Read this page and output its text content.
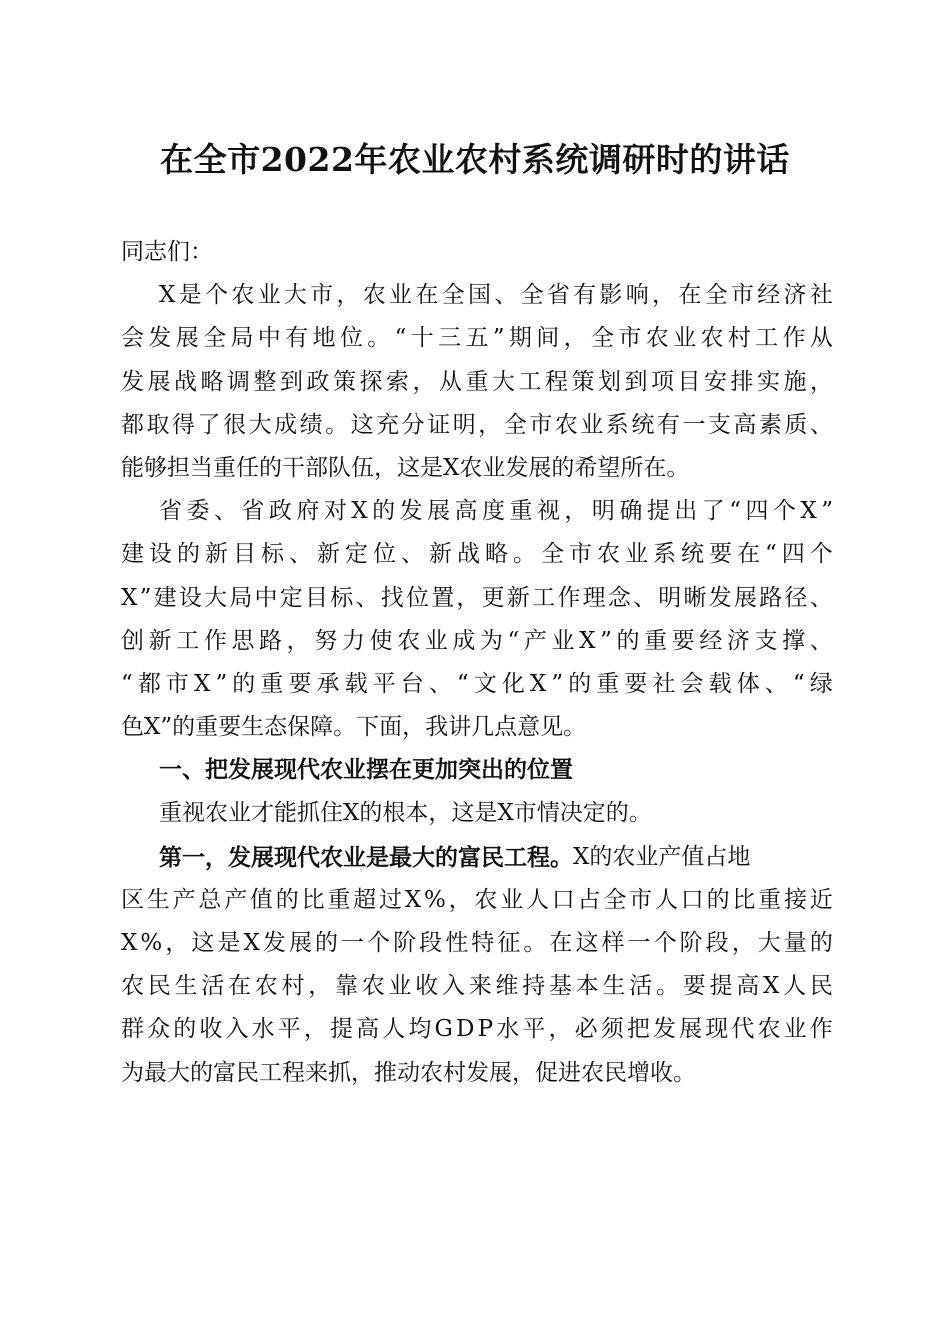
在全市2022年农业农村系统调研时的讲话
同志们：
X 是 个 农 业 大 市 ， 农 业 在 全 国 、 全 省 有 影 响 ， 在 全 市 经 济 社
会 发 展 全 局 中 有 地 位 。 “ 十 三 五 ” 期 间 ， 全 市 农 业 农 村 工 作 从
发 展 战 略 调 整 到 政 策 探 索 ， 从 重 大 工 程 策 划 到 项 目 安 排 实 施 ，
都 取 得 了 很 大 成 绩 。 这 充 分 证 明 ， 全 市 农 业 系 统 有 一 支 高 素 质 、
能够担当重任的干部队伍，这是X农业发展的希望所在。
省 委 、 省 政 府 对 X 的 发 展 高 度 重 视 ， 明 确 提 出 了 “ 四 个 X ”
建 设 的 新 目 标 、 新 定 位 、 新 战 略 。 全 市 农 业 系 统 要 在 “ 四 个
X ” 建 设 大 局 中 定 目 标 、 找 位 置 ， 更 新 工 作 理 念 、 明 晰 发 展 路 径 、
创 新 工 作 思 路 ， 努 力 使 农 业 成 为 “ 产 业 X ” 的 重 要 经 济 支 撑 、
“ 都 市 X ” 的 重 要 承 载 平 台 、 “ 文 化 X ” 的 重 要 社 会 载 体 、 “ 绿
色X”的重要生态保障。下面，我讲几点意见。
一、把发展现代农业摆在更加突出的位置
重视农业才能抓住X的根本，这是X市情决定的。
第一，发展现代农业是最大的富民工程。 X的农业产值占地
区 生 产 总 产 值 的 比 重 超 过 X % ， 农 业 人 口 占 全 市 人 口 的 比 重 接 近
X % ， 这 是 X 发 展 的 一 个 阶 段 性 特 征 。 在 这 样 一 个 阶 段 ， 大 量 的
农 民 生 活 在 农 村 ， 靠 农 业 收 入 来 维 持 基 本 生 活 。 要 提 高 X 人 民
群 众 的 收 入 水 平 ， 提 高 人 均 G D P 水 平 ， 必 须 把 发 展 现 代 农 业 作
为最大的富民工程来抓，推动农村发展，促进农民增收。
